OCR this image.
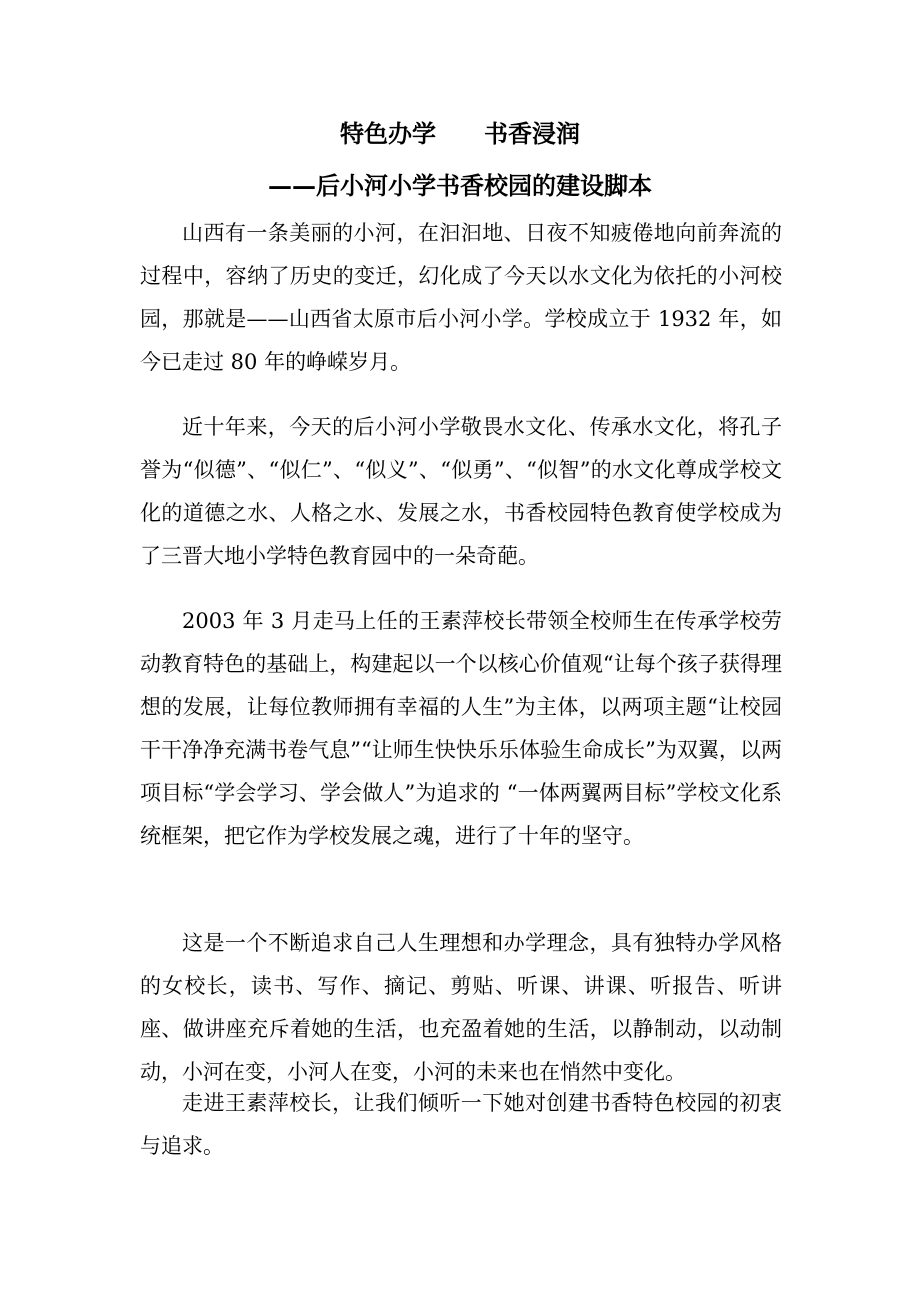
特色办学　　书香浸润
——后小河小学书香校园的建设脚本

山西有一条美丽的小河，在汩汩地、日夜不知疲倦地向前奔流的过程中，容纳了历史的变迁，幻化成了今天以水文化为依托的小河校园，那就是——山西省太原市后小河小学。学校成立于 1932 年，如今已走过 80 年的峥嵘岁月。

近十年来，今天的后小河小学敬畏水文化、传承水文化，将孔子誉为“似德”、“似仁”、“似义”、“似勇”、“似智”的水文化尊成学校文化的道德之水、人格之水、发展之水，书香校园特色教育使学校成为了三晋大地小学特色教育园中的一朵奇葩。

2003 年 3 月走马上任的王素萍校长带领全校师生在传承学校劳动教育特色的基础上，构建起以一个以核心价值观“让每个孩子获得理想的发展，让每位教师拥有幸福的人生”为主体，以两项主题“让校园干干净净充满书卷气息”“让师生快快乐乐体验生命成长”为双翼，以两项目标“学会学习、学会做人”为追求的 “一体两翼两目标”学校文化系统框架，把它作为学校发展之魂，进行了十年的坚守。

这是一个不断追求自己人生理想和办学理念，具有独特办学风格的女校长，读书、写作、摘记、剪贴、听课、讲课、听报告、听讲座、做讲座充斥着她的生活，也充盈着她的生活，以静制动，以动制动，小河在变，小河人在变，小河的未来也在悄然中变化。

走进王素萍校长，让我们倾听一下她对创建书香特色校园的初衷与追求。
